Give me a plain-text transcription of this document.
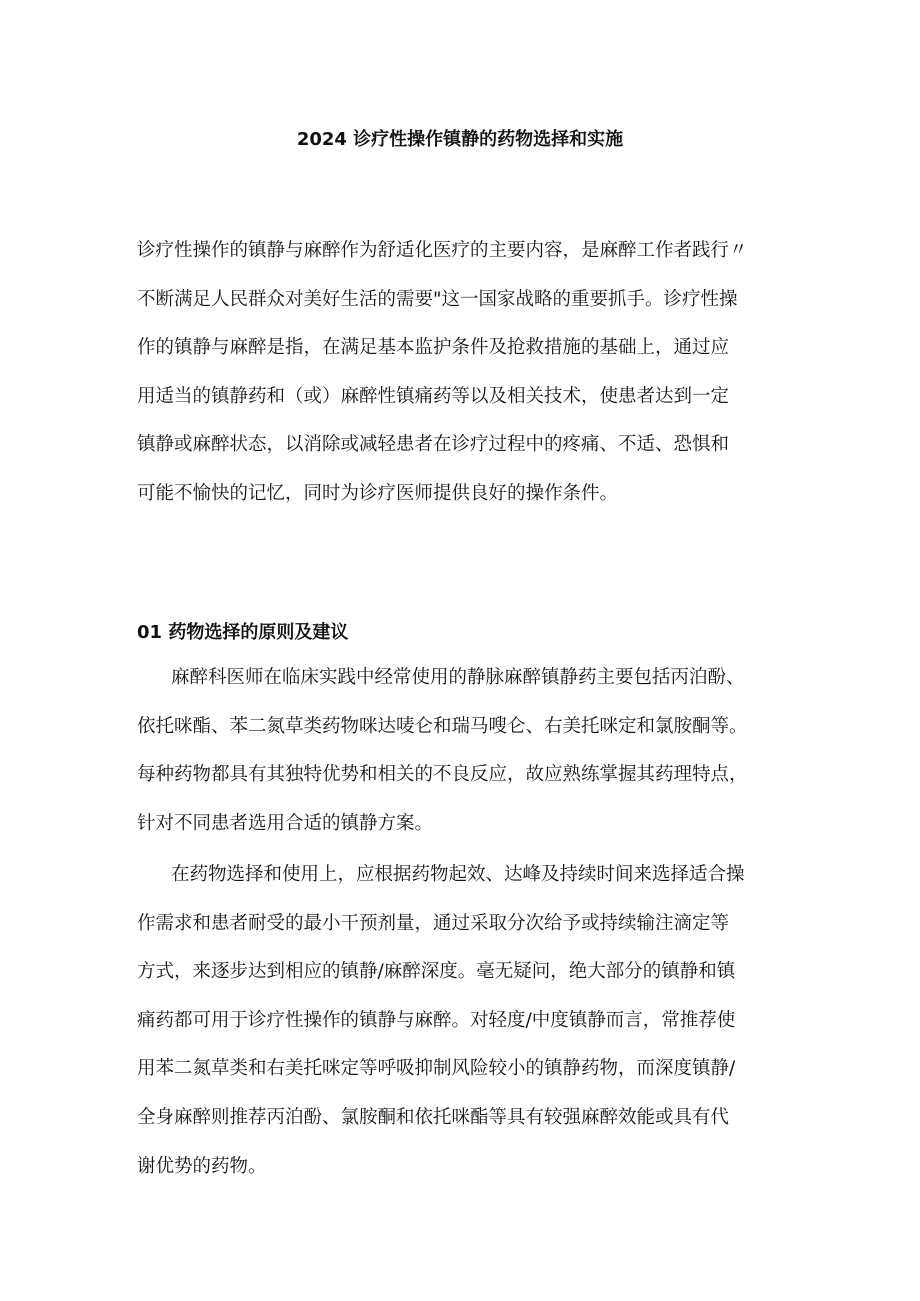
2024 诊疗性操作镇静的药物选择和实施
诊疗性操作的镇静与麻醉作为舒适化医疗的主要内容，是麻醉工作者践行〃
不断满足人民群众对美好生活的需要"这一国家战略的重要抓手。诊疗性操
作的镇静与麻醉是指，在满足基本监护条件及抢救措施的基础上，通过应
用适当的镇静药和（或）麻醉性镇痛药等以及相关技术，使患者达到一定
镇静或麻醉状态，以消除或减轻患者在诊疗过程中的疼痛、不适、恐惧和
可能不愉快的记忆，同时为诊疗医师提供良好的操作条件。
01 药物选择的原则及建议
麻醉科医师在临床实践中经常使用的静脉麻醉镇静药主要包括丙泊酚、
依托咪酯、苯二氮草类药物咪达唛仑和瑞马嗖仑、右美托咪定和氯胺酮等。
每种药物都具有其独特优势和相关的不良反应，故应熟练掌握其药理特点，
针对不同患者选用合适的镇静方案。
在药物选择和使用上，应根据药物起效、达峰及持续时间来选择适合操
作需求和患者耐受的最小干预剂量，通过采取分次给予或持续输注滴定等
方式，来逐步达到相应的镇静/麻醉深度。毫无疑问，绝大部分的镇静和镇
痛药都可用于诊疗性操作的镇静与麻醉。对轻度/中度镇静而言，常推荐使
用苯二氮草类和右美托咪定等呼吸抑制风险较小的镇静药物，而深度镇静/
全身麻醉则推荐丙泊酚、氯胺酮和依托咪酯等具有较强麻醉效能或具有代
谢优势的药物。
